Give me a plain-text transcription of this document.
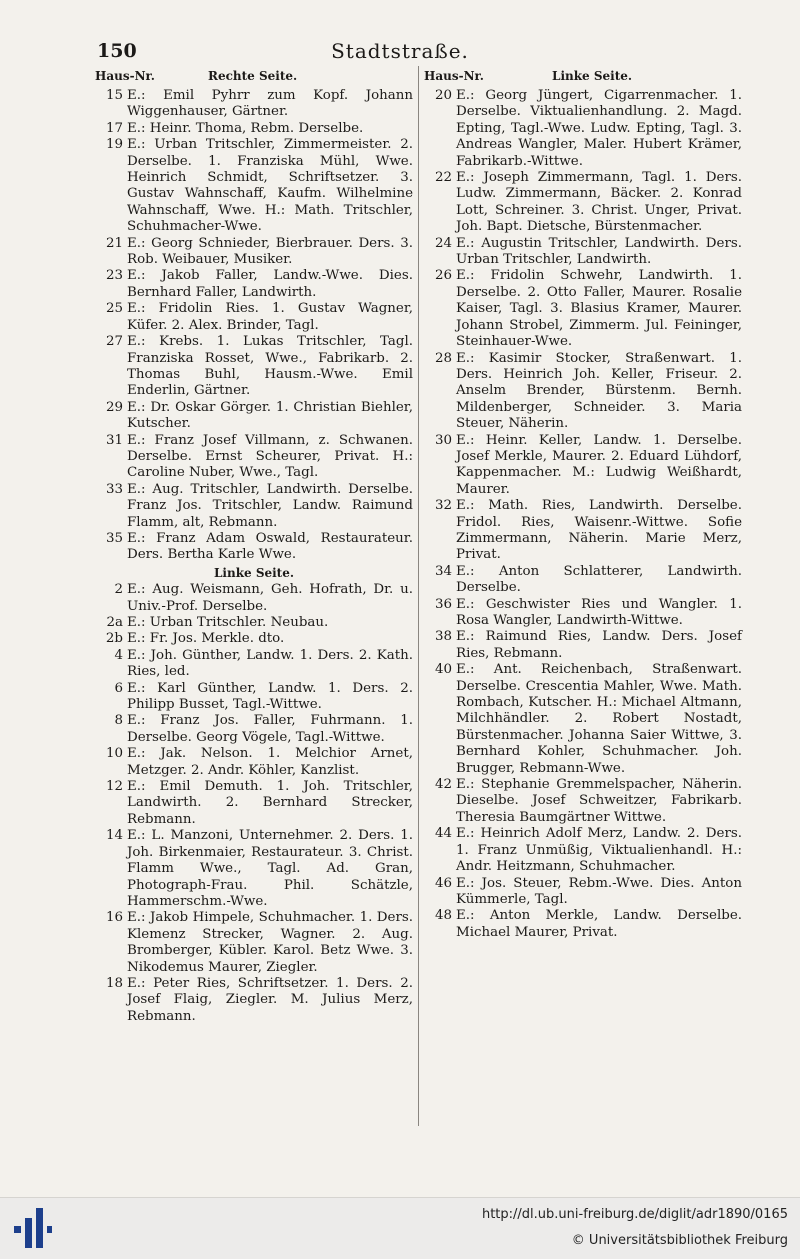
150	Stadtstraße.
Haus-Nr.	Rechte Seite.	Haus-Nr.	Linke Seite.
15 E.: Emil Pyhrr zum Kopf. Johann Wiggenhauser, Gärtner.
17 E.: Heinr. Thoma, Rebm. Derselbe.
19 E.: Urban Tritschler, Zimmermeister. 2. Derselbe. 1. Franziska Mühl, Wwe. Heinrich Schmidt, Schriftsetzer. 3. Gustav Wahnschaff, Kaufm. Wilhelmine Wahnschaff, Wwe. H.: Math. Tritschler, Schuhmacher-Wwe.
21 E.: Georg Schnieder, Bierbrauer. Ders. 3. Rob. Weibauer, Musiker.
23 E.: Jakob Faller, Landw.-Wwe. Dies. Bernhard Faller, Landwirth.
25 E.: Fridolin Ries. 1. Gustav Wagner, Küfer. 2. Alex. Brinder, Tagl.
27 E.: Krebs. 1. Lukas Tritschler, Tagl. Franziska Rosset, Wwe., Fabrikarb. 2. Thomas Buhl, Hausm.-Wwe. Emil Enderlin, Gärtner.
29 E.: Dr. Oskar Görger. 1. Christian Biehler, Kutscher.
31 E.: Franz Josef Villmann, z. Schwanen. Derselbe. Ernst Scheurer, Privat. H.: Caroline Nuber, Wwe., Tagl.
33 E.: Aug. Tritschler, Landwirth. Derselbe. Franz Jos. Tritschler, Landw. Raimund Flamm, alt, Rebmann.
35 E.: Franz Adam Oswald, Restaurateur. Ders. Bertha Karle Wwe.
Linke Seite.
2 E.: Aug. Weismann, Geh. Hofrath, Dr. u. Univ.-Prof. Derselbe.
2a E.: Urban Tritschler. Neubau.
2b E.: Fr. Jos. Merkle. dto.
4 E.: Joh. Günther, Landw. 1. Ders. 2. Kath. Ries, led.
6 E.: Karl Günther, Landw. 1. Ders. 2. Philipp Busset, Tagl.-Wittwe.
8 E.: Franz Jos. Faller, Fuhrmann. 1. Derselbe. Georg Vögele, Tagl.-Wittwe.
10 E.: Jak. Nelson. 1. Melchior Arnet, Metzger. 2. Andr. Köhler, Kanzlist.
12 E.: Emil Demuth. 1. Joh. Tritschler, Landwirth. 2. Bernhard Strecker, Rebmann.
14 E.: L. Manzoni, Unternehmer. 2. Ders. 1. Joh. Birkenmaier, Restaurateur. 3. Christ. Flamm Wwe., Tagl. Ad. Gran, Photograph-Frau. Phil. Schätzle, Hammerschm.-Wwe.
16 E.: Jakob Himpele, Schuhmacher. 1. Ders. Klemenz Strecker, Wagner. 2. Aug. Bromberger, Kübler. Karol. Betz Wwe. 3. Nikodemus Maurer, Ziegler.
18 E.: Peter Ries, Schriftsetzer. 1. Ders. 2. Josef Flaig, Ziegler. M. Julius Merz, Rebmann.
20 E.: Georg Jüngert, Cigarrenmacher. 1. Derselbe. Viktualienhandlung. 2. Magd. Epting, Tagl.-Wwe. Ludw. Epting, Tagl. 3. Andreas Wangler, Maler. Hubert Krämer, Fabrikarb.-Wittwe.
22 E.: Joseph Zimmermann, Tagl. 1. Ders. Ludw. Zimmermann, Bäcker. 2. Konrad Lott, Schreiner. 3. Christ. Unger, Privat. Joh. Bapt. Dietsche, Bürstenmacher.
24 E.: Augustin Tritschler, Landwirth. Ders. Urban Tritschler, Landwirth.
26 E.: Fridolin Schwehr, Landwirth. 1. Derselbe. 2. Otto Faller, Maurer. Rosalie Kaiser, Tagl. 3. Blasius Kramer, Maurer. Johann Strobel, Zimmerm. Jul. Feininger, Steinhauer-Wwe.
28 E.: Kasimir Stocker, Straßenwart. 1. Ders. Heinrich Joh. Keller, Friseur. 2. Anselm Brender, Bürstenm. Bernh. Mildenberger, Schneider. 3. Maria Steuer, Näherin.
30 E.: Heinr. Keller, Landw. 1. Derselbe. Josef Merkle, Maurer. 2. Eduard Lühdorf, Kappenmacher. M.: Ludwig Weißhardt, Maurer.
32 E.: Math. Ries, Landwirth. Derselbe. Fridol. Ries, Waisenr.-Wittwe. Sofie Zimmermann, Näherin. Marie Merz, Privat.
34 E.: Anton Schlatterer, Landwirth. Derselbe.
36 E.: Geschwister Ries und Wangler. 1. Rosa Wangler, Landwirth-Wittwe.
38 E.: Raimund Ries, Landw. Ders. Josef Ries, Rebmann.
40 E.: Ant. Reichenbach, Straßenwart. Derselbe. Crescentia Mahler, Wwe. Math. Rombach, Kutscher. H.: Michael Altmann, Milchhändler. 2. Robert Nostadt, Bürstenmacher. Johanna Saier Wittwe, 3. Bernhard Kohler, Schuhmacher. Joh. Brugger, Rebmann-Wwe.
42 E.: Stephanie Gremmelspacher, Näherin. Dieselbe. Josef Schweitzer, Fabrikarb. Theresia Baumgärtner Wittwe.
44 E.: Heinrich Adolf Merz, Landw. 2. Ders. 1. Franz Unmüßig, Viktualienhandl. H.: Andr. Heitzmann, Schuhmacher.
46 E.: Jos. Steuer, Rebm.-Wwe. Dies. Anton Kümmerle, Tagl.
48 E.: Anton Merkle, Landw. Derselbe. Michael Maurer, Privat.
http://dl.ub.uni-freiburg.de/diglit/adr1890/0165
© Universitätsbibliothek Freiburg
